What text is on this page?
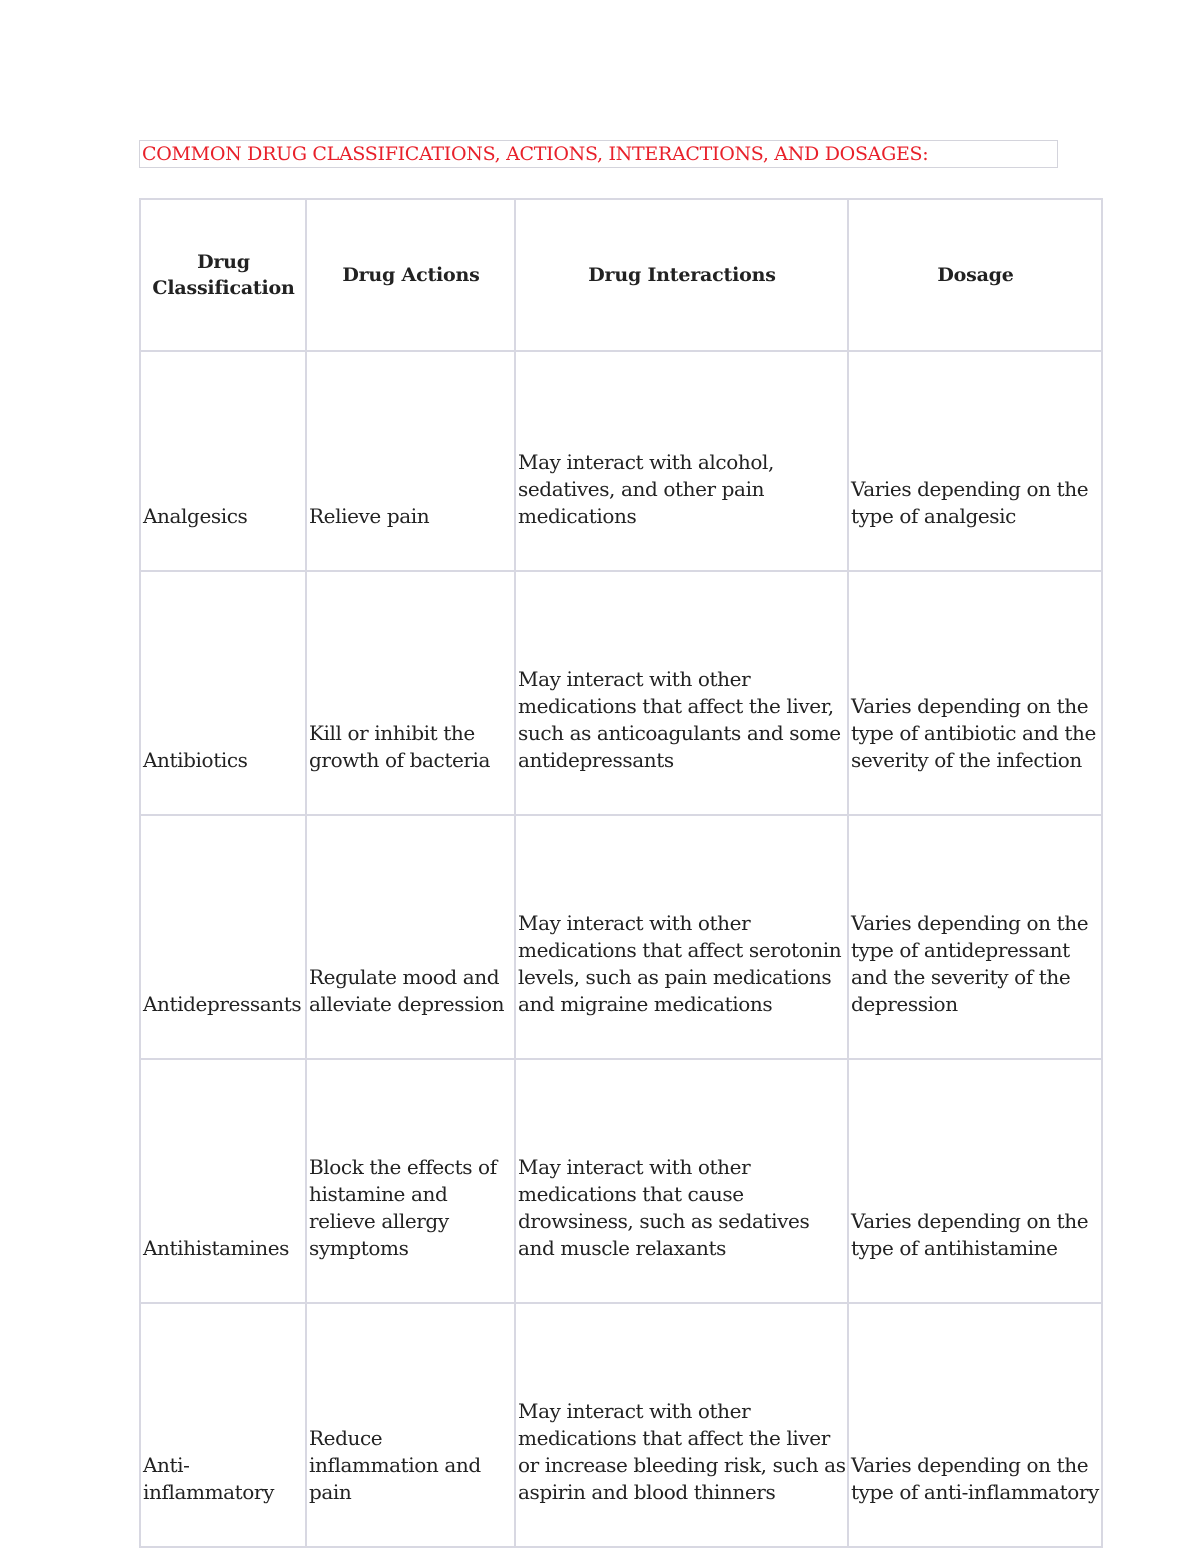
COMMON DRUG CLASSIFICATIONS, ACTIONS, INTERACTIONS, AND DOSAGES:
Drug Classification	Drug Actions	Drug Interactions	Dosage
Analgesics	Relieve pain	May interact with alcohol, sedatives, and other pain medications	Varies depending on the type of analgesic
Antibiotics	Kill or inhibit the growth of bacteria	May interact with other medications that affect the liver, such as anticoagulants and some antidepressants	Varies depending on the type of antibiotic and the severity of the infection
Antidepressants	Regulate mood and alleviate depression	May interact with other medications that affect serotonin levels, such as pain medications and migraine medications	Varies depending on the type of antidepressant and the severity of the depression
Antihistamines	Block the effects of histamine and relieve allergy symptoms	May interact with other medications that cause drowsiness, such as sedatives and muscle relaxants	Varies depending on the type of antihistamine
Anti-inflammatory	Reduce inflammation and pain	May interact with other medications that affect the liver or increase bleeding risk, such as aspirin and blood thinners	Varies depending on the type of anti-inflammatory
